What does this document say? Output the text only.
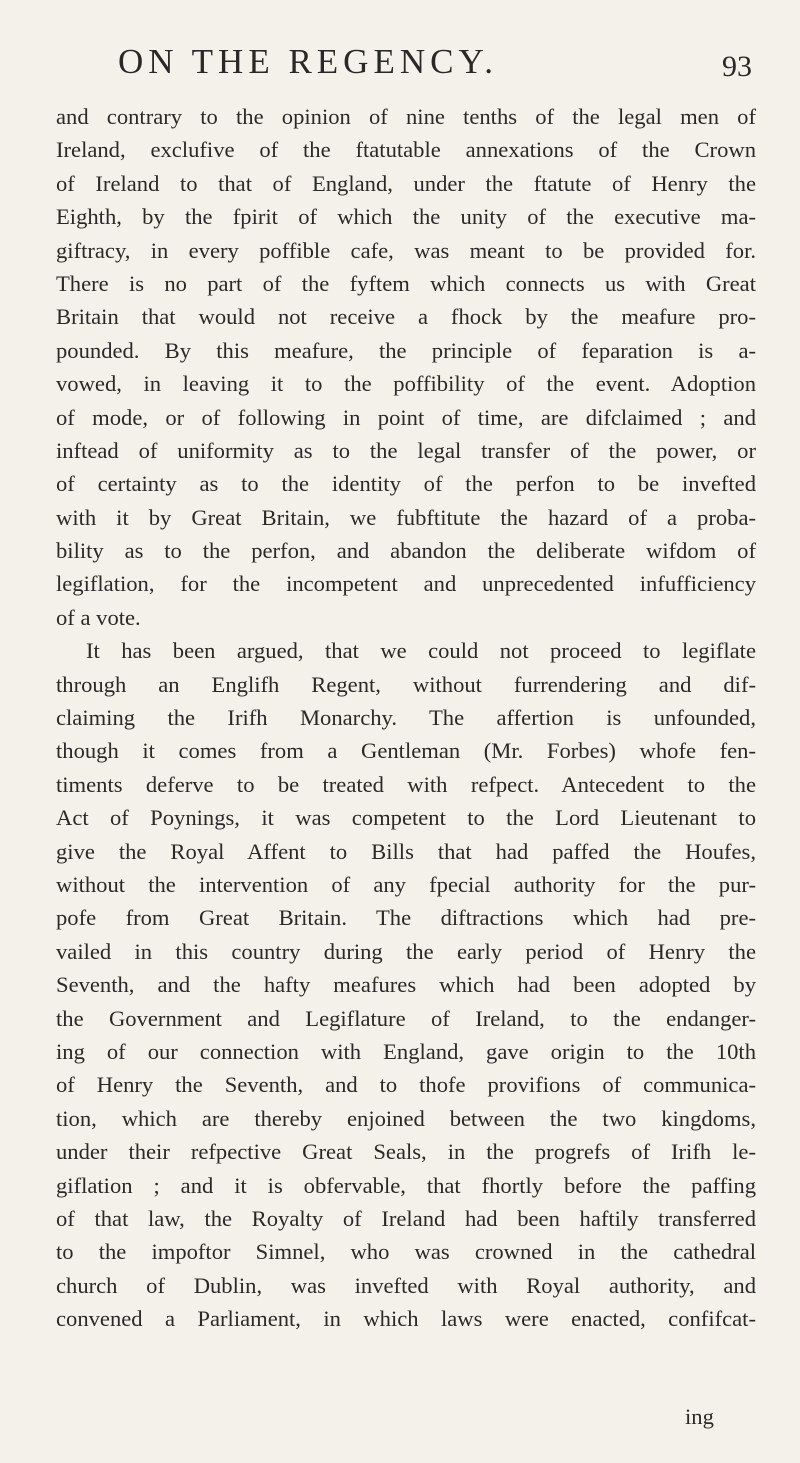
ON THE REGENCY.	93
and contrary to the opinion of nine tenths of the legal men of
Ireland, exclufive of the ftatutable annexations of the Crown
of Ireland to that of England, under the ftatute of Henry the
Eighth, by the fpirit of which the unity of the executive ma-
giftracy, in every poffible cafe, was meant to be provided for.
There is no part of the fyftem which connects us with Great
Britain that would not receive a fhock by the meafure pro-
pounded. By this meafure, the principle of feparation is a-
vowed, in leaving it to the poffibility of the event. Adoption
of mode, or of following in point of time, are difclaimed ; and
inftead of uniformity as to the legal transfer of the power, or
of certainty as to the identity of the perfon to be invefted
with it by Great Britain, we fubftitute the hazard of a proba-
bility as to the perfon, and abandon the deliberate wifdom of
legiflation, for the incompetent and unprecedented infufficiency
of a vote.
It has been argued, that we could not proceed to legiflate
through an Englifh Regent, without furrendering and dif-
claiming the Irifh Monarchy. The affertion is unfounded,
though it comes from a Gentleman (Mr. Forbes) whofe fen-
timents deferve to be treated with refpect. Antecedent to the
Act of Poynings, it was competent to the Lord Lieutenant to
give the Royal Affent to Bills that had paffed the Houfes,
without the intervention of any fpecial authority for the pur-
pofe from Great Britain. The diftractions which had pre-
vailed in this country during the early period of Henry the
Seventh, and the hafty meafures which had been adopted by
the Government and Legiflature of Ireland, to the endanger-
ing of our connection with England, gave origin to the 10th
of Henry the Seventh, and to thofe provifions of communica-
tion, which are thereby enjoined between the two kingdoms,
under their refpective Great Seals, in the progrefs of Irifh le-
giflation ; and it is obfervable, that fhortly before the paffing
of that law, the Royalty of Ireland had been haftily transferred
to the impoftor Simnel, who was crowned in the cathedral
church of Dublin, was invefted with Royal authority, and
convened a Parliament, in which laws were enacted, confifcat-
ing
